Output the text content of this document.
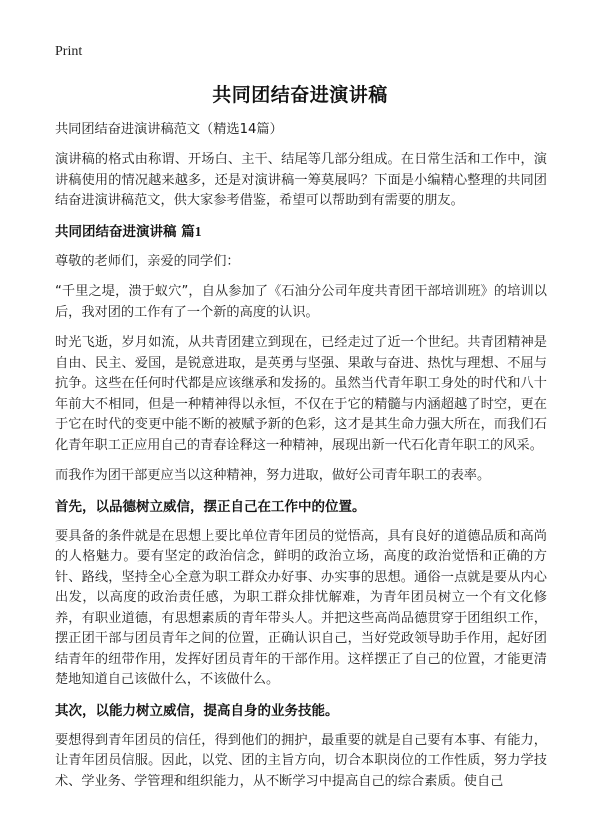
Print
共同团结奋进演讲稿

共同团结奋进演讲稿范文（精选14篇）

演讲稿的格式由称谓、开场白、主干、结尾等几部分组成。在日常生活和工作中，演讲稿使用的情况越来越多，还是对演讲稿一筹莫展吗？下面是小编精心整理的共同团结奋进演讲稿范文，供大家参考借鉴，希望可以帮助到有需要的朋友。

共同团结奋进演讲稿 篇1

尊敬的老师们，亲爱的同学们：

“千里之堤，溃于蚁穴”，自从参加了《石油分公司年度共青团干部培训班》的培训以后，我对团的工作有了一个新的高度的认识。

时光飞逝，岁月如流，从共青团建立到现在，已经走过了近一个世纪。共青团精神是自由、民主、爱国，是锐意进取，是英勇与坚强、果敢与奋进、热忱与理想、不屈与抗争。这些在任何时代都是应该继承和发扬的。虽然当代青年职工身处的时代和八十年前大不相同，但是一种精神得以永恒，不仅在于它的精髓与内涵超越了时空，更在于它在时代的变更中能不断的被赋予新的色彩，这才是其生命力强大所在，而我们石化青年职工正应用自己的青春诠释这一种精神，展现出新一代石化青年职工的风采。

而我作为团干部更应当以这种精神，努力进取，做好公司青年职工的表率。

首先，以品德树立威信，摆正自己在工作中的位置。

要具备的条件就是在思想上要比单位青年团员的觉悟高，具有良好的道德品质和高尚的人格魅力。要有坚定的政治信念，鲜明的政治立场，高度的政治觉悟和正确的方针、路线，坚持全心全意为职工群众办好事、办实事的思想。通俗一点就是要从内心出发，以高度的政治责任感，为职工群众排忧解难，为青年团员树立一个有文化修养，有职业道德，有思想素质的青年带头人。并把这些高尚品德贯穿于团组织工作，摆正团干部与团员青年之间的位置，正确认识自己，当好党政领导助手作用，起好团结青年的纽带作用，发挥好团员青年的干部作用。这样摆正了自己的位置，才能更清楚地知道自己该做什么，不该做什么。

其次，以能力树立威信，提高自身的业务技能。

要想得到青年团员的信任，得到他们的拥护，最重要的就是自己要有本事、有能力，让青年团员信服。因此，以党、团的主旨方向，切合本职岗位的工作性质，努力学技术、学业务、学管理和组织能力，从不断学习中提高自己的综合素质。使自己
